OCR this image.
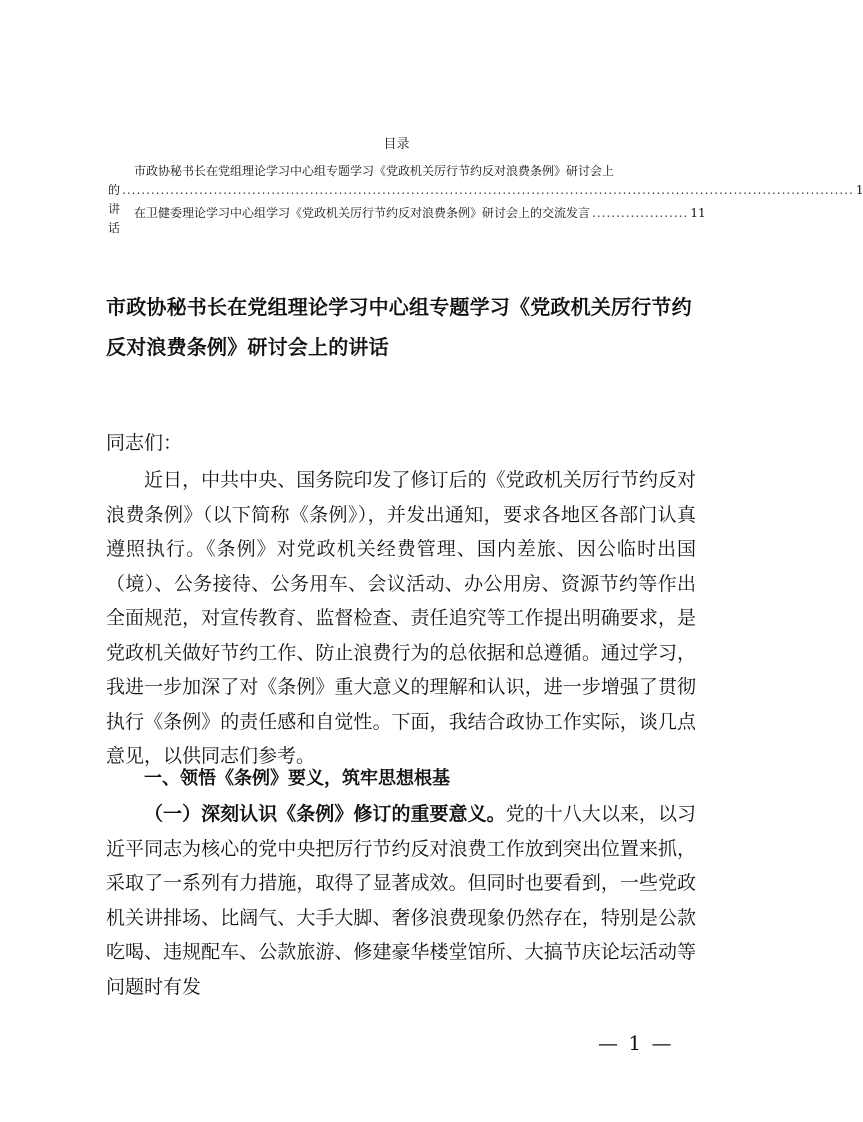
目录
市政协秘书长在党组理论学习中心组专题学习《党政机关厉行节约反对浪费条例》研讨会上
的讲话
........................................................................................................................................................ 1
在卫健委理论学习中心组学习《党政机关厉行节约反对浪费条例》研讨会上的交流发言 .................... 11
市政协秘书长在党组理论学习中心组专题学习《党政机关厉行节约反对浪费条例》研讨会上的讲话
同志们：
近日，中共中央、国务院印发了修订后的《党政机关厉行节约反对浪费条例》（以下简称《条例》），并发出通知，要求各地区各部门认真遵照执行。《条例》对党政机关经费管理、国内差旅、因公临时出国（境）、公务接待、公务用车、会议活动、办公用房、资源节约等作出全面规范，对宣传教育、监督检查、责任追究等工作提出明确要求，是党政机关做好节约工作、防止浪费行为的总依据和总遵循。通过学习，我进一步加深了对《条例》重大意义的理解和认识，进一步增强了贯彻执行《条例》的责任感和自觉性。下面，我结合政协工作实际，谈几点意见，以供同志们参考。
一、领悟《条例》要义，筑牢思想根基
（一）深刻认识《条例》修订的重要意义。党的十八大以来，以习近平同志为核心的党中央把厉行节约反对浪费工作放到突出位置来抓，采取了一系列有力措施，取得了显著成效。但同时也要看到，一些党政机关讲排场、比阔气、大手大脚、奢侈浪费现象仍然存在，特别是公款吃喝、违规配车、公款旅游、修建豪华楼堂馆所、大搞节庆论坛活动等问题时有发
— 1 —
